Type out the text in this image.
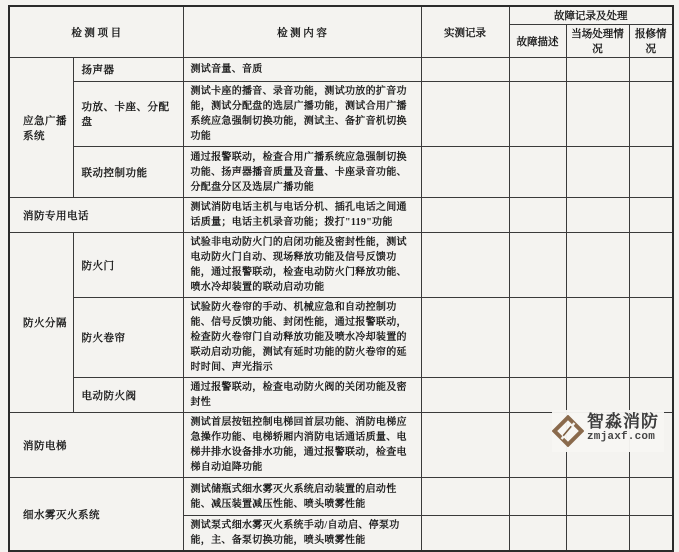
检 测 项 目		检 测 内 容	实测记录	故障记录及处理		
				故障描述	当场处理情况	报修情况
应急广播系统	扬声器	测试音量、音质				
	功放、卡座、分配盘	测试卡座的播音、录音功能，测试功放的扩音功能，测试分配盘的选层广播功能，测试合用广播系统应急强制切换功能，测试主、备扩音机切换功能				
	联动控制功能	通过报警联动，检查合用广播系统应急强制切换功能、扬声器播音质量及音量、卡座录音功能、分配盘分区及选层广播功能				
消防专用电话		测试消防电话主机与电话分机、插孔电话之间通话质量；电话主机录音功能；拨打"119"功能				
防火分隔	防火门	试验非电动防火门的启闭功能及密封性能，测试电动防火门自动、现场释放功能及信号反馈功能，通过报警联动，检查电动防火门释放功能、喷水冷却装置的联动启动功能				
	防火卷帘	试验防火卷帘的手动、机械应急和自动控制功能、信号反馈功能、封闭性能，通过报警联动，检查防火卷帘门自动释放功能及喷水冷却装置的联动启动功能，测试有延时功能的防火卷帘的延时时间、声光指示				
	电动防火阀	通过报警联动，检查电动防火阀的关闭功能及密封性				
消防电梯		测试首层按钮控制电梯回首层功能、消防电梯应急操作功能、电梯轿厢内消防电话通话质量、电梯井排水设备排水功能，通过报警联动，检查电梯自动迫降功能				
细水雾灭火系统		测试储瓶式细水雾灭火系统启动装置的启动性能、减压装置减压性能、喷头喷雾性能				
		测试泵式细水雾灭火系统手动/自动启、停泵功能，主、备泵切换功能，喷头喷雾性能				
智淼消防
zmjaxf.com
